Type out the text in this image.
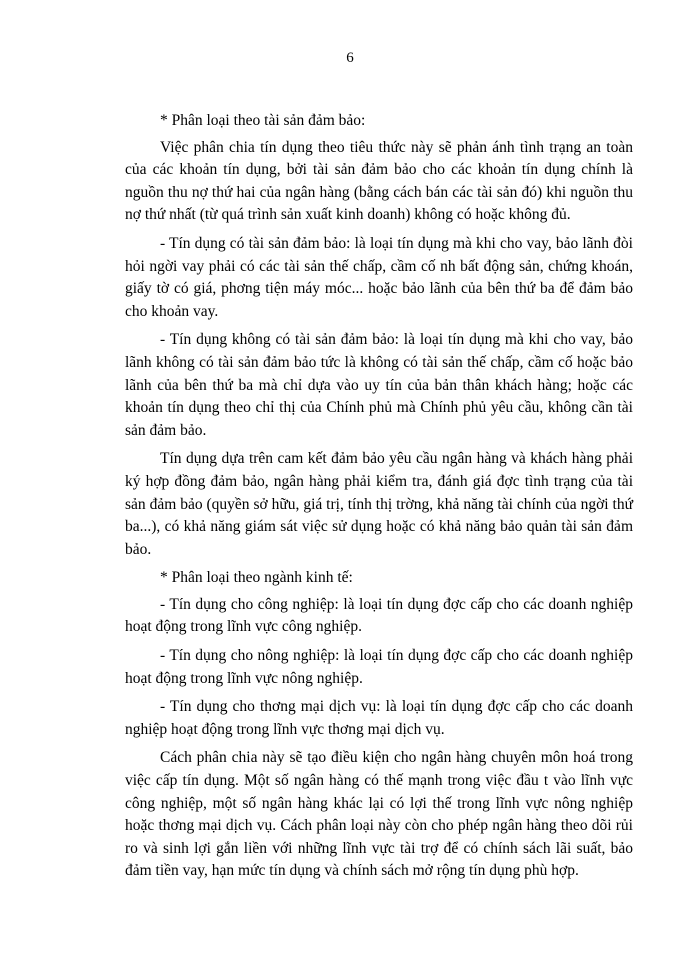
6

* Phân loại theo tài sản đảm bảo:

Việc phân chia tín dụng theo tiêu thức này sẽ phản ánh tình trạng an toàn của các khoản tín dụng, bởi tài sản đảm bảo cho các khoản tín dụng chính là nguồn thu nợ thứ hai của ngân hàng (bằng cách bán các tài sản đó) khi nguồn thu nợ thứ nhất (từ quá trình sản xuất kinh doanh) không có hoặc không đủ.

- Tín dụng có tài sản đảm bảo: là loại tín dụng mà khi cho vay, bảo lãnh đòi hỏi ngời vay phải có các tài sản thế chấp, cầm cố nh bất động sản, chứng khoán, giấy tờ có giá, phơng tiện máy móc... hoặc bảo lãnh của bên thứ ba để đảm bảo cho khoản vay.

- Tín dụng không có tài sản đảm bảo: là loại tín dụng mà khi cho vay, bảo lãnh không có tài sản đảm bảo tức là không có tài sản thế chấp, cầm cố hoặc bảo lãnh của bên thứ ba mà chỉ dựa vào uy tín của bản thân khách hàng; hoặc các khoản tín dụng theo chỉ thị của Chính phủ mà Chính phủ yêu cầu, không cần tài sản đảm bảo.

Tín dụng dựa trên cam kết đảm bảo yêu cầu ngân hàng và khách hàng phải ký hợp đồng đảm bảo, ngân hàng phải kiểm tra, đánh giá đợc tình trạng của tài sản đảm bảo (quyền sở hữu, giá trị, tính thị trờng, khả năng tài chính của ngời thứ ba...), có khả năng giám sát việc sử dụng hoặc có khả năng bảo quản tài sản đảm bảo.

* Phân loại theo ngành kinh tế:

- Tín dụng cho công nghiệp: là loại tín dụng đợc cấp cho các doanh nghiệp hoạt động trong lĩnh vực công nghiệp.

- Tín dụng cho nông nghiệp: là loại tín dụng đợc cấp cho các doanh nghiệp hoạt động trong lĩnh vực nông nghiệp.

- Tín dụng cho thơng mại dịch vụ: là loại tín dụng đợc cấp cho các doanh nghiệp hoạt động trong lĩnh vực thơng mại dịch vụ.

Cách phân chia này sẽ tạo điều kiện cho ngân hàng chuyên môn hoá trong việc cấp tín dụng. Một số ngân hàng có thế mạnh trong việc đầu t vào lĩnh vực công nghiệp, một số ngân hàng khác lại có lợi thế trong lĩnh vực nông nghiệp hoặc thơng mại dịch vụ. Cách phân loại này còn cho phép ngân hàng theo dõi rủi ro và sinh lợi gắn liền với những lĩnh vực tài trợ để có chính sách lãi suất, bảo đảm tiền vay, hạn mức tín dụng và chính sách mở rộng tín dụng phù hợp.
